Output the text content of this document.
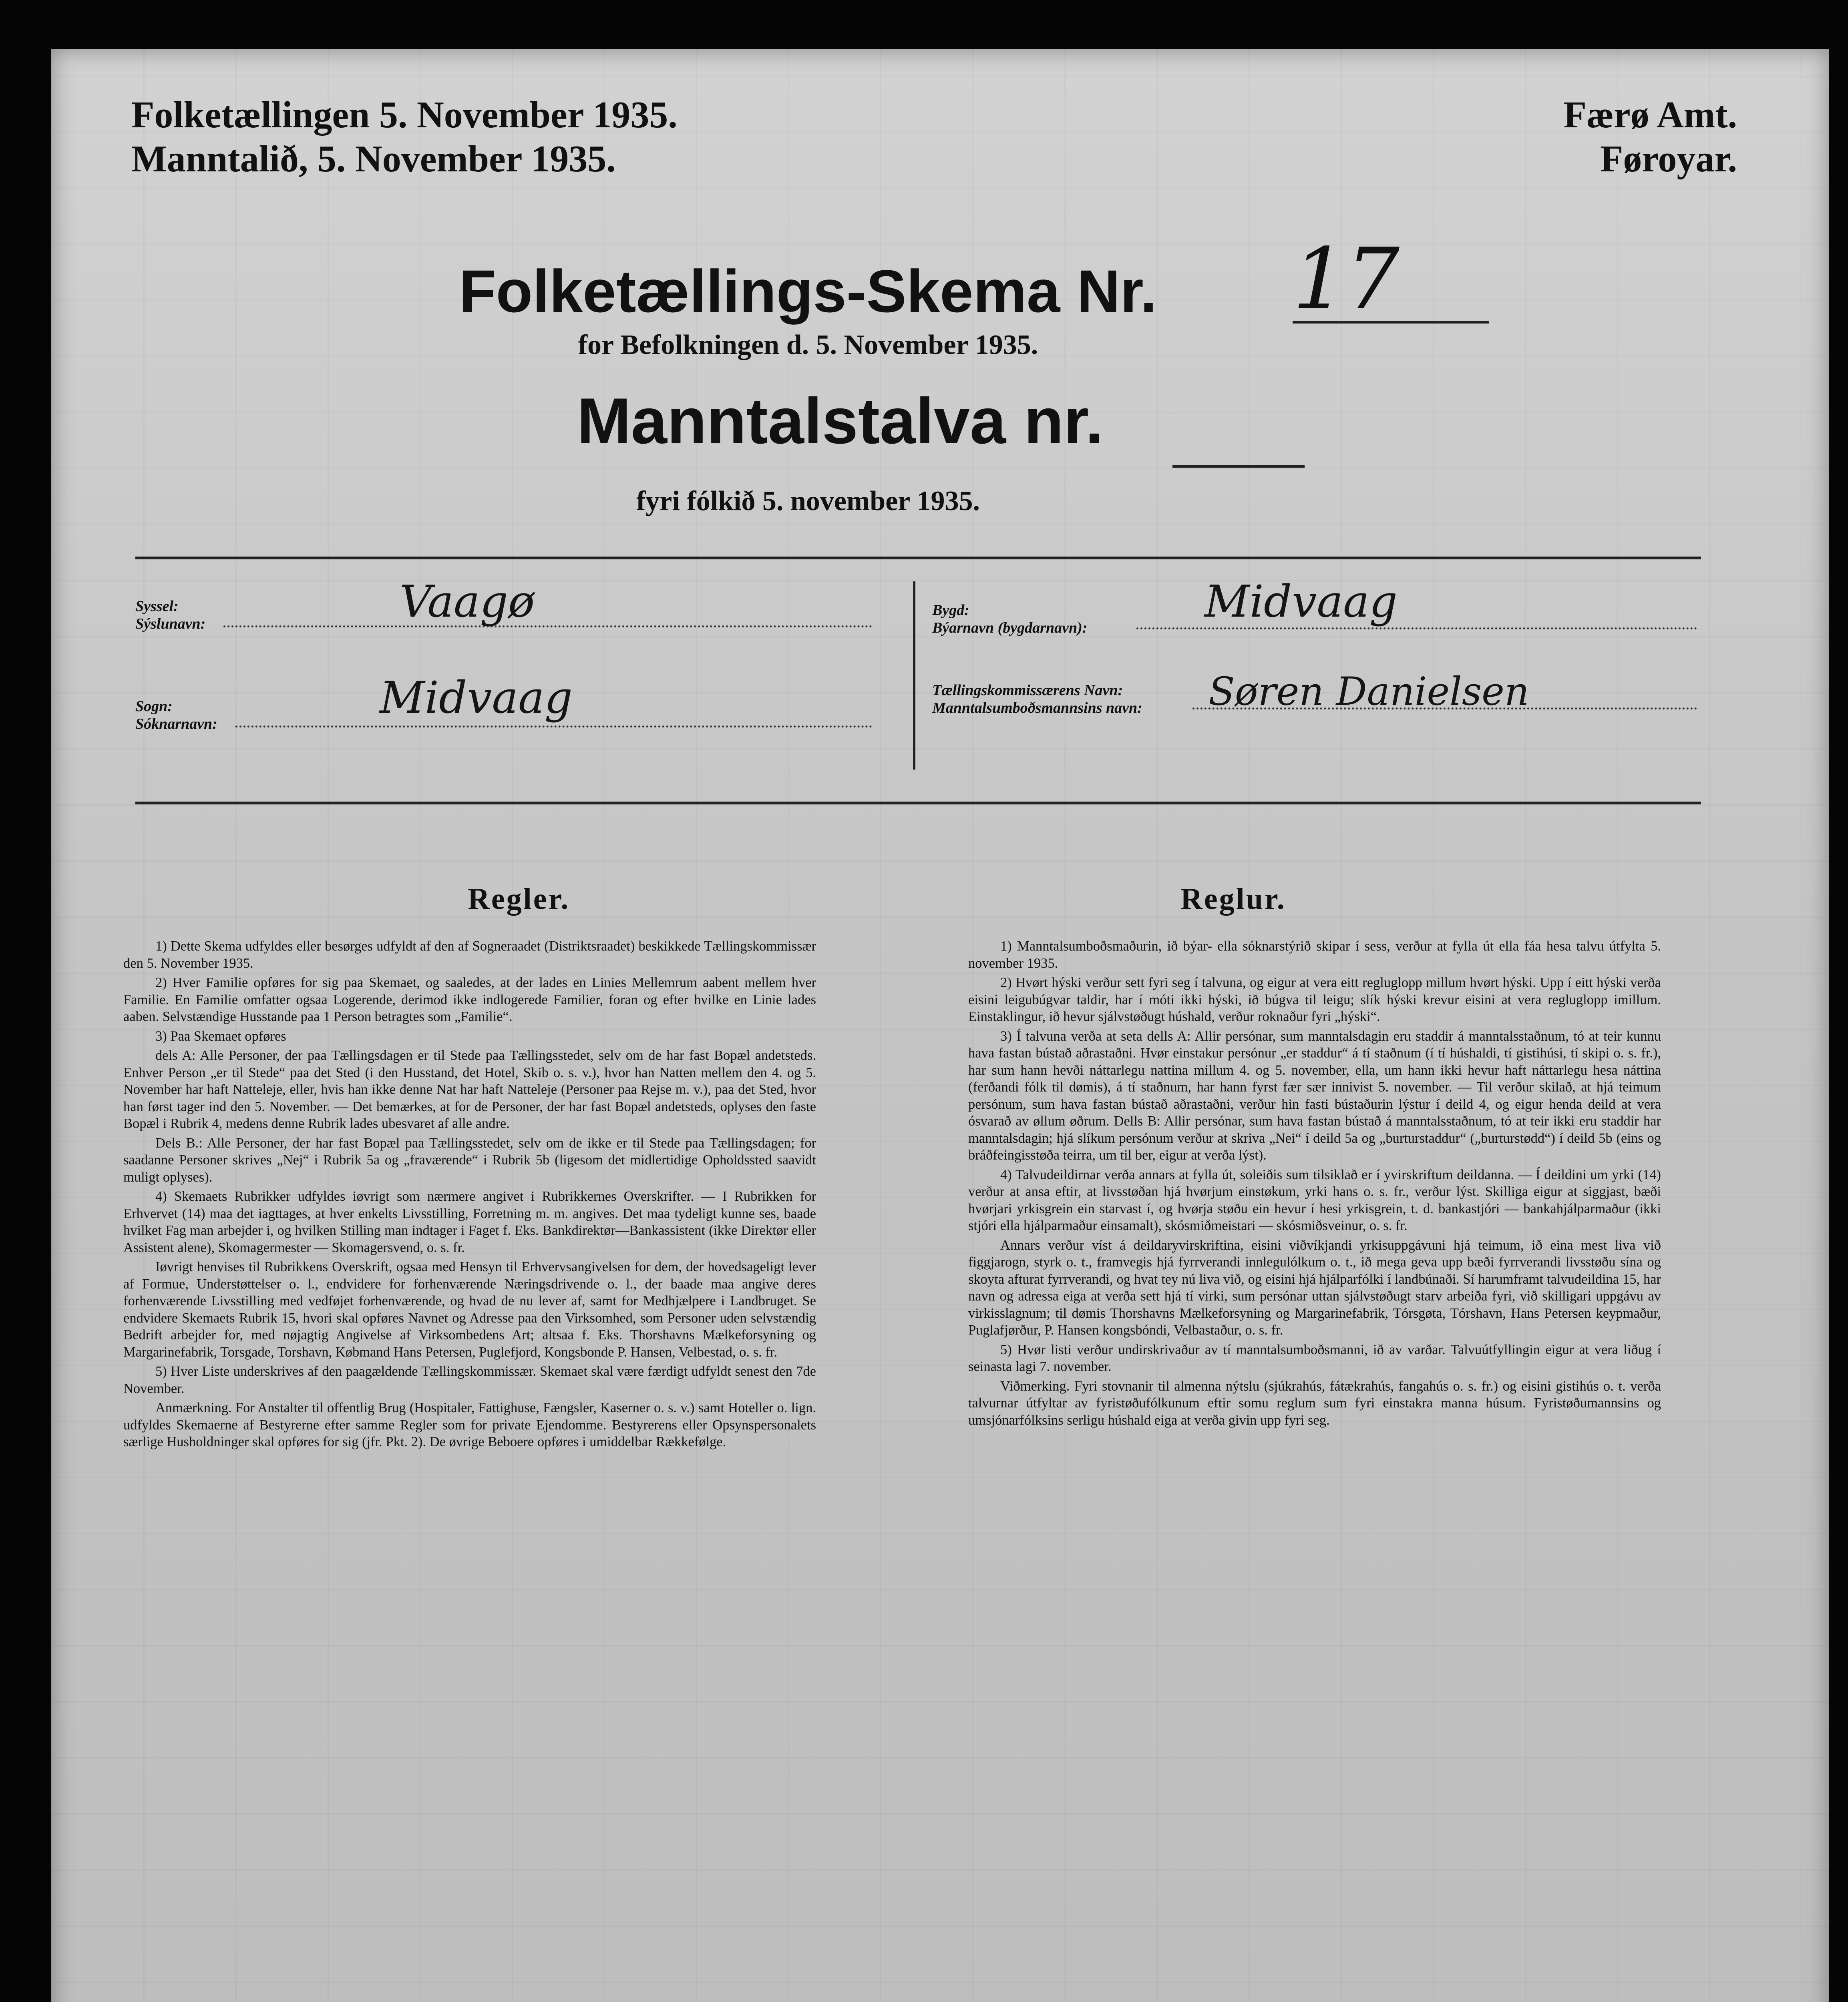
Folketællingen 5. November 1935.
Manntalið, 5. November 1935.
Færø Amt.
Føroyar.
Folketællings-Skema Nr.	17
for Befolkningen d. 5. November 1935.
Manntalstalva nr.
fyri fólkið 5. november 1935.
Syssel:
Sýslunavn:	Vaagø
Sogn:
Sóknarnavn:
Midvaag
Bygd:
Býarnavn (bygdarnavn):
Midvaag
Tællingskommissærens Navn:
Manntalsumboðsmannsins navn: Søren Danielsen
Regler.	Reglur.

1) Dette Skema udfyldes eller besørges udfyldt af den af Sogneraadet (Distriktsraadet) beskikkede Tællingskommissær den 5. November 1935.

2) Hver Familie opføres for sig paa Skemaet, og saaledes, at der lades en Linies Mellemrum aabent mellem hver Familie. En Familie omfatter ogsaa Logerende, derimod ikke indlogerede Familier, foran og efter hvilke en Linie lades aaben. Selvstændige Husstande paa 1 Person betragtes som „Familie“.

3) Paa Skemaet opføres

dels A: Alle Personer, der paa Tællingsdagen er til Stede paa Tællingsstedet, selv om de har fast Bopæl andetsteds. Enhver Person „er til Stede“ paa det Sted (i den Husstand, det Hotel, Skib o. s. v.), hvor han Natten mellem den 4. og 5. November har haft Natteleje, eller, hvis han ikke denne Nat har haft Natteleje (Personer paa Rejse m. v.), paa det Sted, hvor han først tager ind den 5. November. — Det bemærkes, at for de Personer, der har fast Bopæl andetsteds, oplyses den faste Bopæl i Rubrik 4, medens denne Rubrik lades ubesvaret af alle andre.

Dels B.: Alle Personer, der har fast Bopæl paa Tællingsstedet, selv om de ikke er til Stede paa Tællingsdagen; for saadanne Personer skrives „Nej“ i Rubrik 5a og „fraværende“ i Rubrik 5b (ligesom det midlertidige Opholdssted saavidt muligt oplyses).

4) Skemaets Rubrikker udfyldes iøvrigt som nærmere angivet i Rubrikkernes Overskrifter. — I Rubrikken for Erhvervet (14) maa det iagttages, at hver enkelts Livsstilling, Forretning m. m. angives. Det maa tydeligt kunne ses, baade hvilket Fag man arbejder i, og hvilken Stilling man indtager i Faget f. Eks. Bankdirektør—Bankassistent (ikke Direktør eller Assistent alene), Skomagermester — Skomagersvend, o. s. fr.

Iøvrigt henvises til Rubrikkens Overskrift, ogsaa med Hensyn til Erhvervsangivelsen for dem, der hovedsageligt lever af Formue, Understøttelser o. l., endvidere for forhenværende Næringsdrivende o. l., der baade maa angive deres forhenværende Livsstilling med vedføjet forhenværende, og hvad de nu lever af, samt for Medhjælpere i Landbruget. Se endvidere Skemaets Rubrik 15, hvori skal opføres Navnet og Adresse paa den Virksomhed, som Personer uden selvstændig Bedrift arbejder for, med nøjagtig Angivelse af Virksombedens Art; altsaa f. Eks. Thorshavns Mælkeforsyning og Margarinefabrik, Torsgade, Torshavn, Købmand Hans Petersen, Puglefjord, Kongsbonde P. Hansen, Velbestad, o. s. fr.

5) Hver Liste underskrives af den paagældende Tællingskommissær. Skemaet skal være færdigt udfyldt senest den 7de November.

Anmærkning. For Anstalter til offentlig Brug (Hospitaler, Fattighuse, Fængsler, Kaserner o. s. v.) samt Hoteller o. lign. udfyldes Skemaerne af Bestyrerne efter samme Regler som for private Ejendomme. Bestyrerens eller Opsynspersonalets særlige Husholdninger skal opføres for sig (jfr. Pkt. 2). De øvrige Beboere opføres i umiddelbar Rækkefølge.

1) Manntalsumboðsmaðurin, ið býar- ella sóknarstýrið skipar í sess, verður at fylla út ella fáa hesa talvu útfylta 5. november 1935.

2) Hvørt hýski verður sett fyri seg í talvuna, og eigur at vera eitt regluglopp millum hvørt hýski. Upp í eitt hýski verða eisini leigubúgvar taldir, har í móti ikki hýski, ið búgva til leigu; slík hýski krevur eisini at vera regluglopp imillum. Einstaklingur, ið hevur sjálvstøðugt húshald, verður roknaður fyri „hýski“.

3) Í talvuna verða at seta dells A: Allir persónar, sum manntalsdagin eru staddir á manntalsstaðnum, tó at teir kunnu hava fastan bústað aðrastaðni. Hvør einstakur persónur „er staddur“ á tí staðnum (í tí húshaldi, tí gistihúsi, tí skipi o. s. fr.), har sum hann hevði náttarlegu nattina millum 4. og 5. november, ella, um hann ikki hevur haft náttarlegu hesa náttina (ferðandi fólk til dømis), á tí staðnum, har hann fyrst fær sær innivist 5. november. — Til verður skilað, at hjá teimum persónum, sum hava fastan bústað aðrastaðni, verður hin fasti bústaðurin lýstur í deild 4, og eigur henda deild at vera ósvarað av øllum øðrum. Dells B: Allir persónar, sum hava fastan bústað á manntalsstaðnum, tó at teir ikki eru staddir har manntalsdagin; hjá slíkum persónum verður at skriva „Nei“ í deild 5a og „burturstaddur“ („burturstødd“) í deild 5b (eins og bráðfeingisstøða teirra, um til ber, eigur at verða lýst).

4) Talvudeildirnar verða annars at fylla út, soleiðis sum tilsiklað er í yvirskriftum deildanna. — Í deildini um yrki (14) verður at ansa eftir, at livsstøðan hjá hvørjum einstøkum, yrki hans o. s. fr., verður lýst. Skilliga eigur at siggjast, bæði hvørjari yrkisgrein ein starvast í, og hvørja støðu ein hevur í hesi yrkisgrein, t. d. bankastjóri — bankahjálparmaður (ikki stjóri ella hjálparmaður einsamalt), skósmiðmeistari — skósmiðsveinur, o. s. fr.

Annars verður víst á deildaryvirskriftina, eisini viðvíkjandi yrkisuppgávuni hjá teimum, ið eina mest liva við figgjarogn, styrk o. t., framvegis hjá fyrrverandi innlegulólkum o. t., ið mega geva upp bæði fyrrverandi livsstøðu sína og skoyta afturat fyrrverandi, og hvat tey nú liva við, og eisini hjá hjálparfólki í landbúnaði. Sí harumframt talvudeildina 15, har navn og adressa eiga at verða sett hjá tí virki, sum persónar uttan sjálvstøðugt starv arbeiða fyri, við skilligari uppgávu av virkisslagnum; til dømis Thorshavns Mælkeforsyning og Margarinefabrik, Tórsgøta, Tórshavn, Hans Petersen keypmaður, Puglafjørður, P. Hansen kongsbóndi, Velbastaður, o. s. fr.

5) Hvør listi verður undirskrivaður av tí manntalsumboðsmanni, ið av varðar. Talvuútfyllingin eigur at vera liðug í seinasta lagi 7. november.

Viðmerking. Fyri stovnanir til almenna nýtslu (sjúkrahús, fátækrahús, fangahús o. s. fr.) og eisini gistihús o. t. verða talvurnar útfyltar av fyristøðufólkunum eftir somu reglum sum fyri einstakra manna húsum. Fyristøðumannsins og umsjónarfólksins serligu húshald eiga at verða givin upp fyri seg.
